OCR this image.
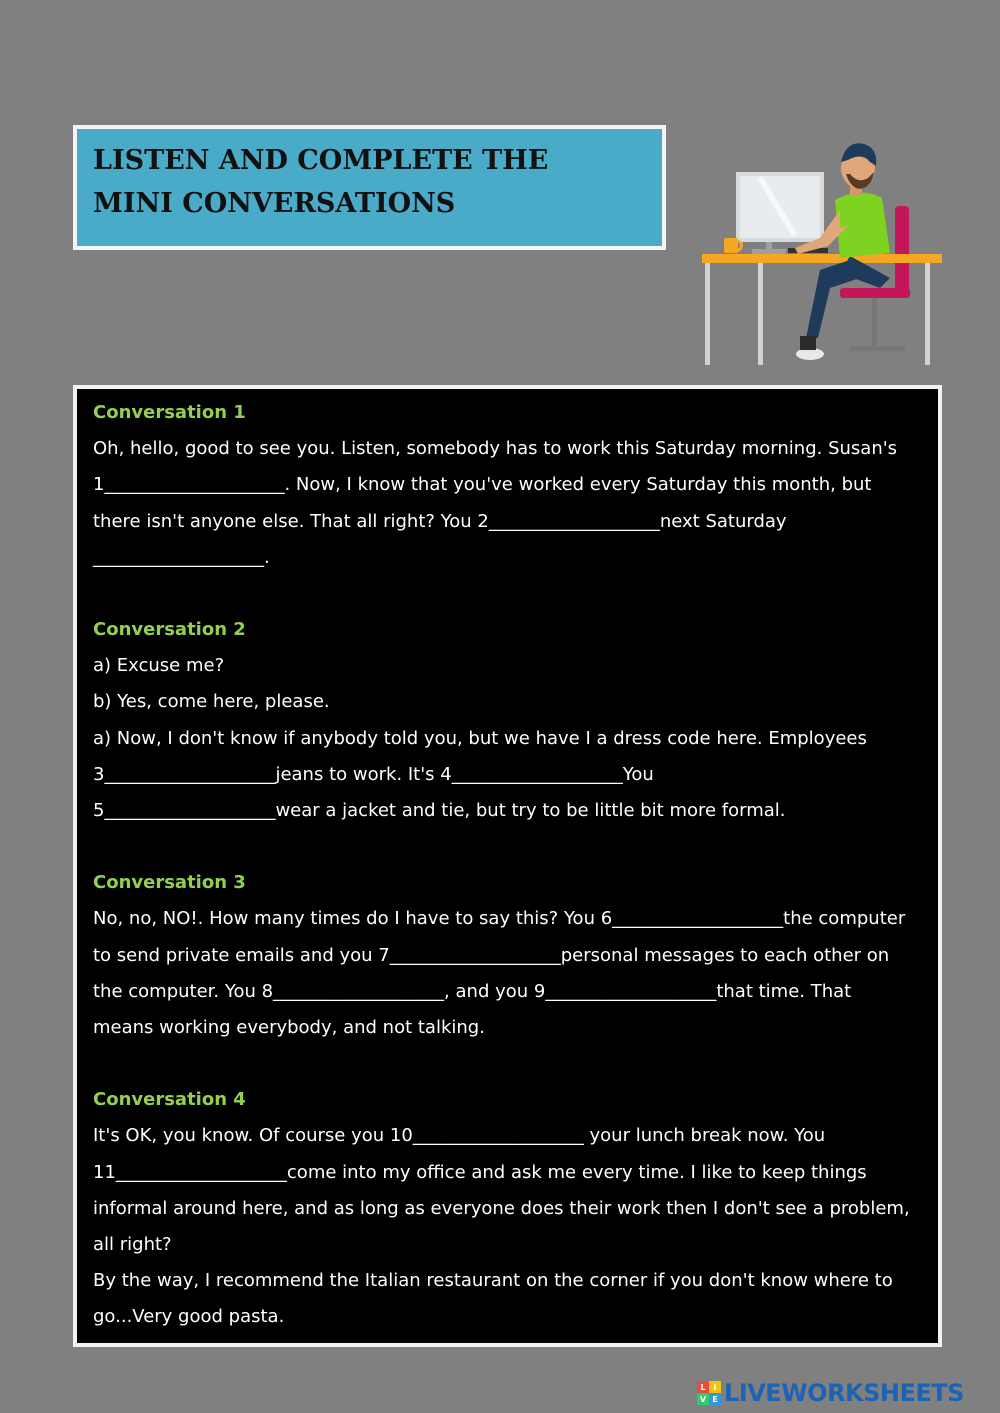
LISTEN AND COMPLETE THE MINI CONVERSATIONS
Conversation 1
Oh, hello, good to see you. Listen, somebody has to work this Saturday morning. Susan's
1____________________. Now, I know that you've worked every Saturday this month, but
there isn't anyone else. That all right? You 2___________________next Saturday
___________________.
Conversation 2
a) Excuse me?
b) Yes, come here, please.
a) Now, I don't know if anybody told you, but we have I a dress code here. Employees
3___________________jeans to work. It's 4___________________You
5___________________wear a jacket and tie, but try to be little bit more formal.
Conversation 3
No, no, NO!. How many times do I have to say this? You 6___________________the computer
to send private emails and you 7___________________personal messages to each other on
the computer. You 8___________________, and you 9___________________that time. That
means working everybody, and not talking.
Conversation 4
It's OK, you know. Of course you 10___________________ your lunch break now. You
11___________________come into my office and ask me every time. I like to keep things
informal around here, and as long as everyone does their work then I don't see a problem,
all right?
By the way, I recommend the Italian restaurant on the corner if you don't know where to
go...Very good pasta.
L I
V E LIVEWORKSHEETS
